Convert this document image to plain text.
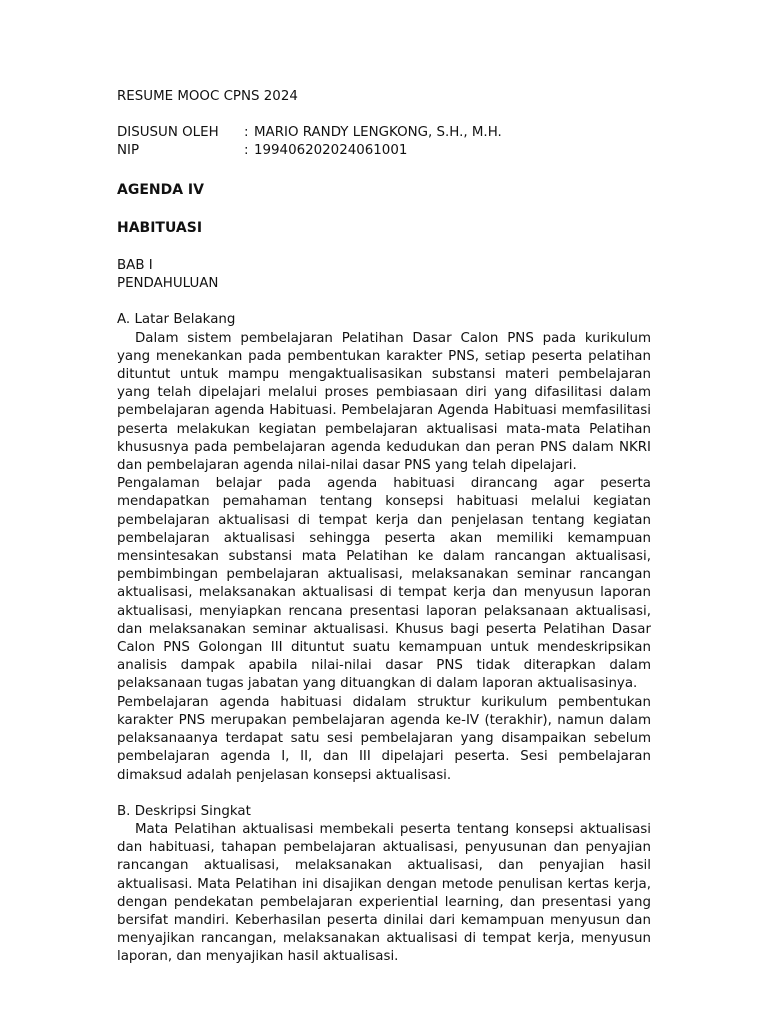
RESUME MOOC CPNS 2024

DISUSUN OLEH	: MARIO RANDY LENGKONG, S.H., M.H.
NIP	: 199406202024061001

AGENDA IV

HABITUASI

BAB I

PENDAHULUAN

A. Latar Belakang

Dalam sistem pembelajaran Pelatihan Dasar Calon PNS pada kurikulum yang menekankan pada pembentukan karakter PNS, setiap peserta pelatihan dituntut untuk mampu mengaktualisasikan substansi materi pembelajaran yang telah dipelajari melalui proses pembiasaan diri yang difasilitasi dalam pembelajaran agenda Habituasi. Pembelajaran Agenda Habituasi memfasilitasi peserta melakukan kegiatan pembelajaran aktualisasi mata-mata Pelatihan khususnya pada pembelajaran agenda kedudukan dan peran PNS dalam NKRI dan pembelajaran agenda nilai-nilai dasar PNS yang telah dipelajari.

Pengalaman belajar pada agenda habituasi dirancang agar peserta mendapatkan pemahaman tentang konsepsi habituasi melalui kegiatan pembelajaran aktualisasi di tempat kerja dan penjelasan tentang kegiatan pembelajaran aktualisasi sehingga peserta akan memiliki kemampuan mensintesakan substansi mata Pelatihan ke dalam rancangan aktualisasi, pembimbingan pembelajaran aktualisasi, melaksanakan seminar rancangan aktualisasi, melaksanakan aktualisasi di tempat kerja dan menyusun laporan aktualisasi, menyiapkan rencana presentasi laporan pelaksanaan aktualisasi, dan melaksanakan seminar aktualisasi. Khusus bagi peserta Pelatihan Dasar Calon PNS Golongan III dituntut suatu kemampuan untuk mendeskripsikan analisis dampak apabila nilai-nilai dasar PNS tidak diterapkan dalam pelaksanaan tugas jabatan yang dituangkan di dalam laporan aktualisasinya.

Pembelajaran agenda habituasi didalam struktur kurikulum pembentukan karakter PNS merupakan pembelajaran agenda ke-IV (terakhir), namun dalam pelaksanaanya terdapat satu sesi pembelajaran yang disampaikan sebelum pembelajaran agenda I, II, dan III dipelajari peserta. Sesi pembelajaran dimaksud adalah penjelasan konsepsi aktualisasi.

B. Deskripsi Singkat

Mata Pelatihan aktualisasi membekali peserta tentang konsepsi aktualisasi dan habituasi, tahapan pembelajaran aktualisasi, penyusunan dan penyajian rancangan aktualisasi, melaksanakan aktualisasi, dan penyajian hasil aktualisasi. Mata Pelatihan ini disajikan dengan metode penulisan kertas kerja, dengan pendekatan pembelajaran experiential learning, dan presentasi yang bersifat mandiri. Keberhasilan peserta dinilai dari kemampuan menyusun dan menyajikan rancangan, melaksanakan aktualisasi di tempat kerja, menyusun laporan, dan menyajikan hasil aktualisasi.
